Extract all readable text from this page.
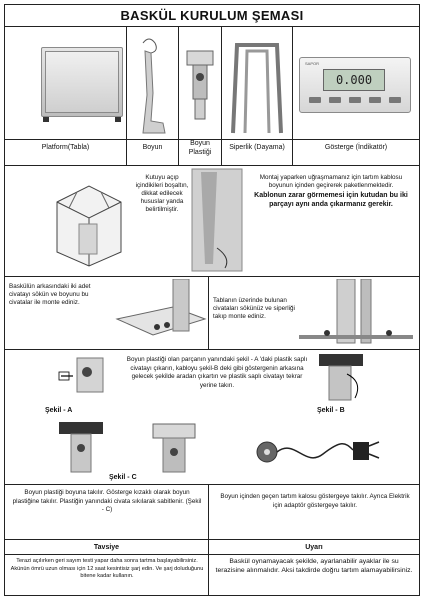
BASKÜL KURULUM ŞEMASI
SAPOR
0.000
Platform(Tabla)	Boyun
Boyun Plastiği
Siperlik (Dayama)	Gösterge (İndikatör)
Kutuyu açıp içindikileri boşaltın, dikkat edilecek hususlar yanda belirtilmiştir.
Montaj yaparken uğraşmamanız için tartım kablosu boyunun içinden geçirerek paketlenmektedir.
Kablonun zarar görmemesi için kutudan bu iki parçayı aynı anda çıkarmanız gerekir.
Baskülün arkasındaki iki adet civatayı sökün ve boyunu bu civatalar ile monte ediniz.	Tablanın üzerinde bulunan civataları sökünüz ve siperliği takıp monte ediniz.
Şekil - A
Boyun plastiği olan parçanın yanındaki şekil - A 'daki plastik saplı civatayı çıkarın, kabloyu şekil-B deki gibi göstergenin arkasına gelecek şekilde aradan çıkartın ve plastik saplı civatayı tekrar yerine takın.
Şekil - B
Şekil - C
Boyun plastiği boyuna takılır. Gösterge kızaklı olarak boyun plastiğine takılır. Plastiğin yanındaki civata sıkılarak sabitlenir. (Şekil - C)
Boyun içinden geçen tartım kalosu göstergeye takılır. Ayrıca Elektrik için adaptör göstergeye takılır.
Tavsiye	Uyarı
Terazi açılırken geri sayım testi yapar daha sonra tartma başlayabilirsiniz. Akünün ömrü uzun olması için 12 saat kesintisiz şarj edin. Ve şarj doluduğunu bitene kadar kullanın.
Baskül oynamayacak şekilde, ayarlanabilir ayaklar ile su terazisine alınmalıdır. Aksi takdirde doğru tartım alamayabilirsiniz.
